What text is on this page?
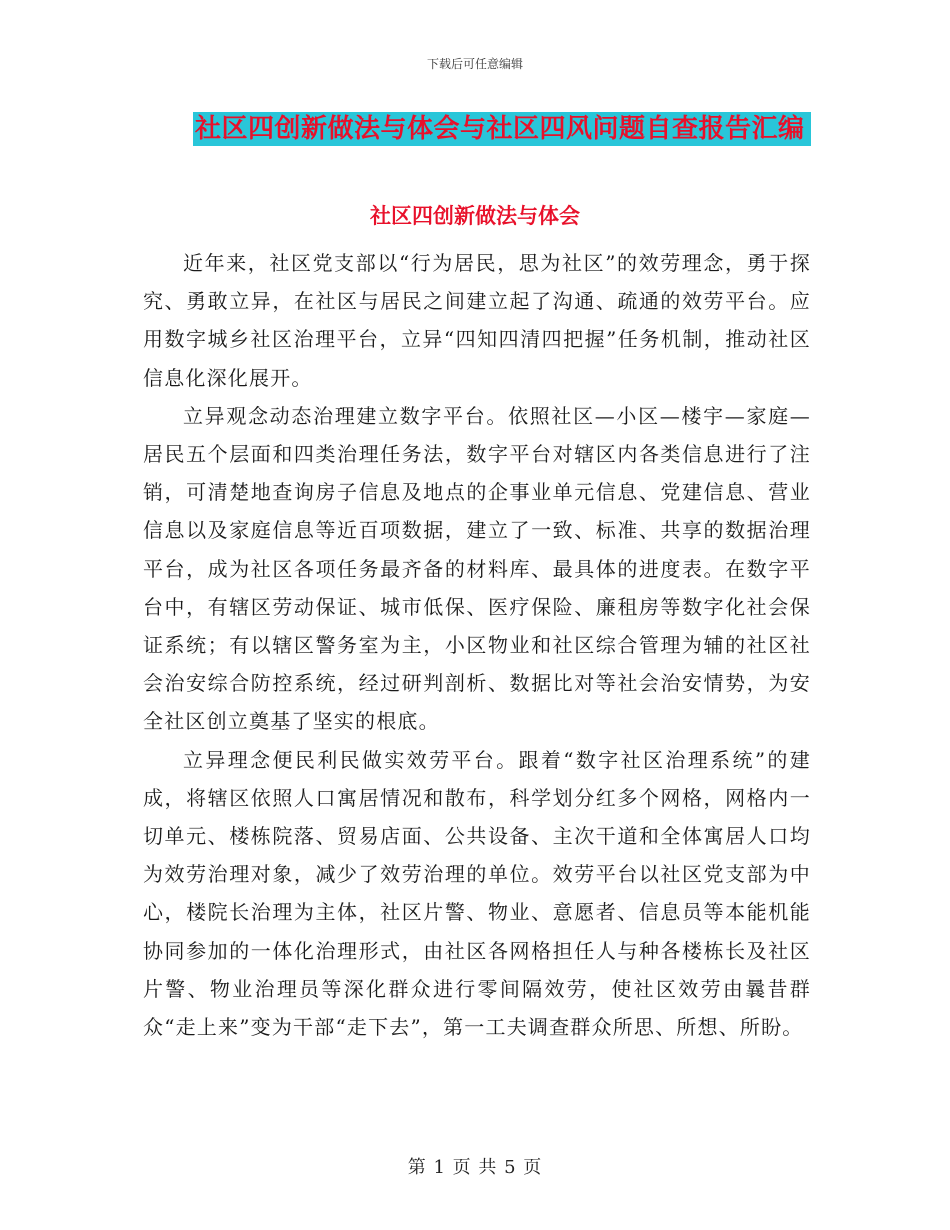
下载后可任意编辑
社区四创新做法与体会与社区四风问题自查报告汇编
社区四创新做法与体会

近年来，社区党支部以“行为居民，思为社区”的效劳理念，勇于探究、勇敢立异，在社区与居民之间建立起了沟通、疏通的效劳平台。应用数字城乡社区治理平台，立异“四知四清四把握”任务机制，推动社区信息化深化展开。

立异观念动态治理建立数字平台。依照社区—小区—楼宇—家庭—居民五个层面和四类治理任务法，数字平台对辖区内各类信息进行了注销，可清楚地查询房子信息及地点的企事业单元信息、党建信息、营业信息以及家庭信息等近百项数据，建立了一致、标准、共享的数据治理平台，成为社区各项任务最齐备的材料库、最具体的进度表。在数字平台中，有辖区劳动保证、城市低保、医疗保险、廉租房等数字化社会保证系统；有以辖区警务室为主，小区物业和社区综合管理为辅的社区社会治安综合防控系统，经过研判剖析、数据比对等社会治安情势，为安全社区创立奠基了坚实的根底。

立异理念便民利民做实效劳平台。跟着“数字社区治理系统”的建成，将辖区依照人口寓居情况和散布，科学划分红多个网格，网格内一切单元、楼栋院落、贸易店面、公共设备、主次干道和全体寓居人口均为效劳治理对象，减少了效劳治理的单位。效劳平台以社区党支部为中心，楼院长治理为主体，社区片警、物业、意愿者、信息员等本能机能协同参加的一体化治理形式，由社区各网格担任人与种各楼栋长及社区片警、物业治理员等深化群众进行零间隔效劳，使社区效劳由曩昔群众“走上来”变为干部“走下去”，第一工夫调查群众所思、所想、所盼。

第 1 页 共 5 页
